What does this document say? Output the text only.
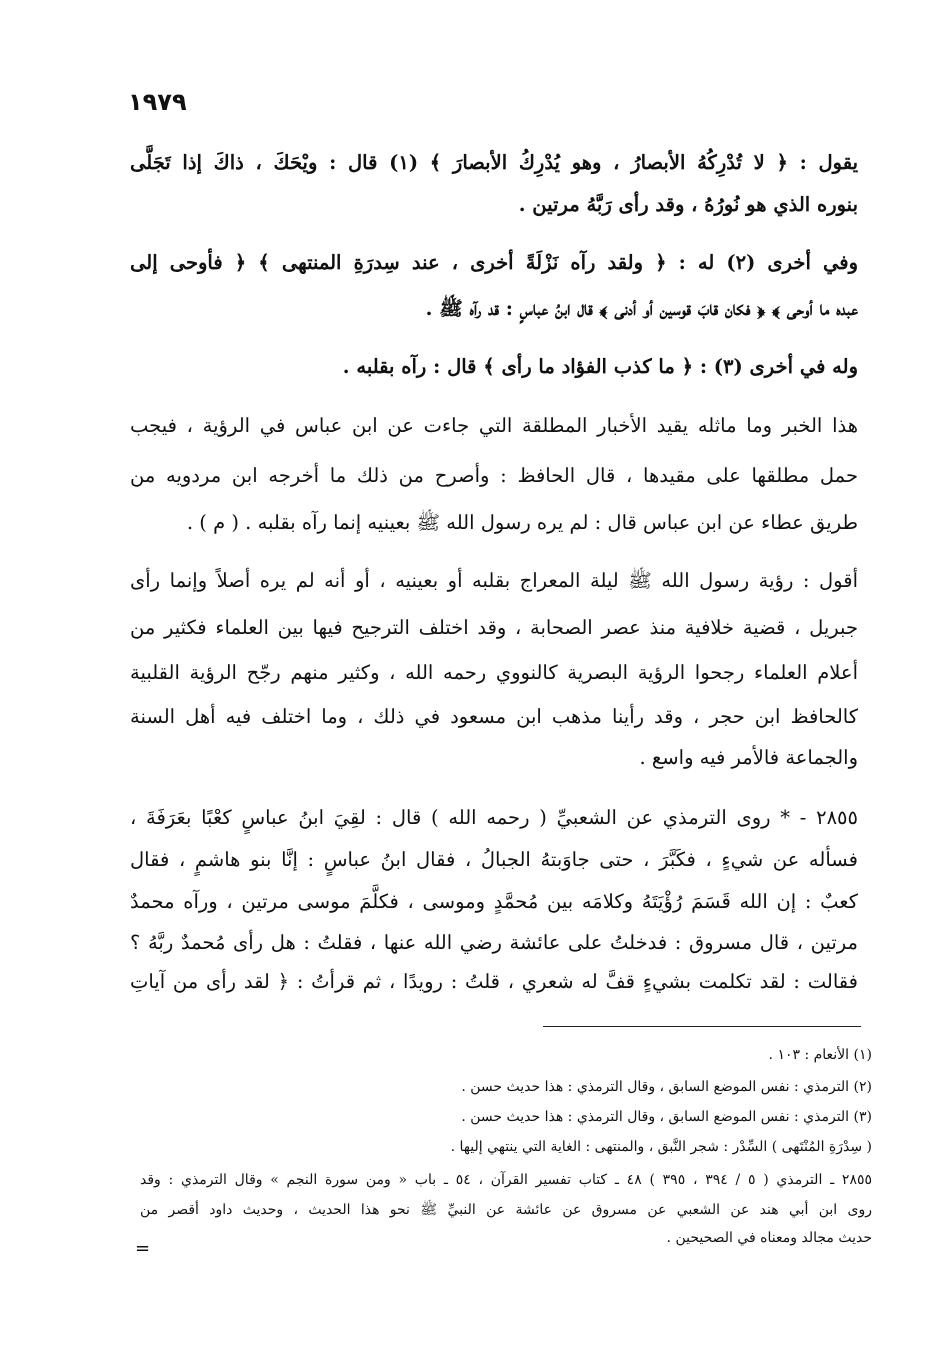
١٩٧٩
يقول : ﴿ لا تُدْرِكُهُ الأبصارُ ، وهو يُدْرِكُ الأبصارَ ﴾ (١) قال : ويْحَكَ ، ذاكَ إذا تَجَلَّى
بنوره الذي هو نُورُهُ ، وقد رأى رَبَّهُ مرتين .
وفي أخرى (٢) له : ﴿ ولقد رآه نَزْلَةً أخرى ، عند سِدرَةِ المنتهى ﴾ ﴿ فأوحى إلى
عبده ما أوحى ﴾ ﴿ فكان قابَ قوسين أو أدنى ﴾ قال ابنُ عباسٍ : قد رآه ﷺ .
وله في أخرى (٣) : ﴿ ما كذب الفؤاد ما رأى ﴾ قال : رآه بقلبه .
هذا الخبر وما ماثله يقيد الأخبار المطلقة التي جاءت عن ابن عباس في الرؤية ، فيجب
حمل مطلقها على مقيدها ، قال الحافظ : وأصرح من ذلك ما أخرجه ابن مردويه من
طريق عطاء عن ابن عباس قال : لم يره رسول الله ﷺ بعينيه إنما رآه بقلبه . ( م ) .
أقول : رؤية رسول الله ﷺ ليلة المعراج بقلبه أو بعينيه ، أو أنه لم يره أصلاً وإنما رأى
جبريل ، قضية خلافية منذ عصر الصحابة ، وقد اختلف الترجيح فيها بين العلماء فكثير من
أعلام العلماء رجحوا الرؤية البصرية كالنووي رحمه الله ، وكثير منهم رجّح الرؤية القلبية
كالحافظ ابن حجر ، وقد رأينا مذهب ابن مسعود في ذلك ، وما اختلف فيه أهل السنة
والجماعة فالأمر فيه واسع .
٢٨٥٥ - * روى الترمذي عن الشعبيِّ ( رحمه الله ) قال : لقِيَ ابنُ عباسٍ كعْبًا بعَرَفَةَ ،
فسأله عن شيءٍ ، فكَبَّرَ ، حتى جاوَبتهُ الجبالُ ، فقال ابنُ عباسٍ : إنَّا بنو هاشمٍ ، فقال
كعبٌ : إن الله قَسَمَ رُؤْيَتَهُ وكلامَه بين مُحمَّدٍ وموسى ، فكلَّمَ موسى مرتين ، ورآه محمدٌ
مرتين ، قال مسروق : فدخلتُ على عائشة رضي الله عنها ، فقلتُ : هل رأى مُحمدٌ ربَّهُ ؟
فقالت : لقد تكلمت بشيءٍ قفَّ له شعري ، قلتُ : رويدًا ، ثم قرأتُ : ﴿ لقد رأى من آياتِ
(١) الأنعام : ١٠٣ .
(٢) الترمذي : نفس الموضع السابق ، وقال الترمذي : هذا حديث حسن .
(٣) الترمذي : نفس الموضع السابق ، وقال الترمذي : هذا حديث حسن .
( سِدْرَةِ المُنْتَهى ) السِّدْر : شجر النَّبق ، والمنتهى : الغاية التي ينتهي إليها .
٢٨٥٥ ـ الترمذي ( ٥ / ٣٩٤ ، ٣٩٥ ) ٤٨ ـ كتاب تفسير القرآن ، ٥٤ ـ باب « ومن سورة النجم » وقال الترمذي : وقد
روى ابن أبي هند عن الشعبي عن مسروق عن عائشة عن النبيِّ ﷺ نحو هذا الحديث ، وحديث داود أقصر من
حديث مجالد ومعناه في الصحيحين .
=
